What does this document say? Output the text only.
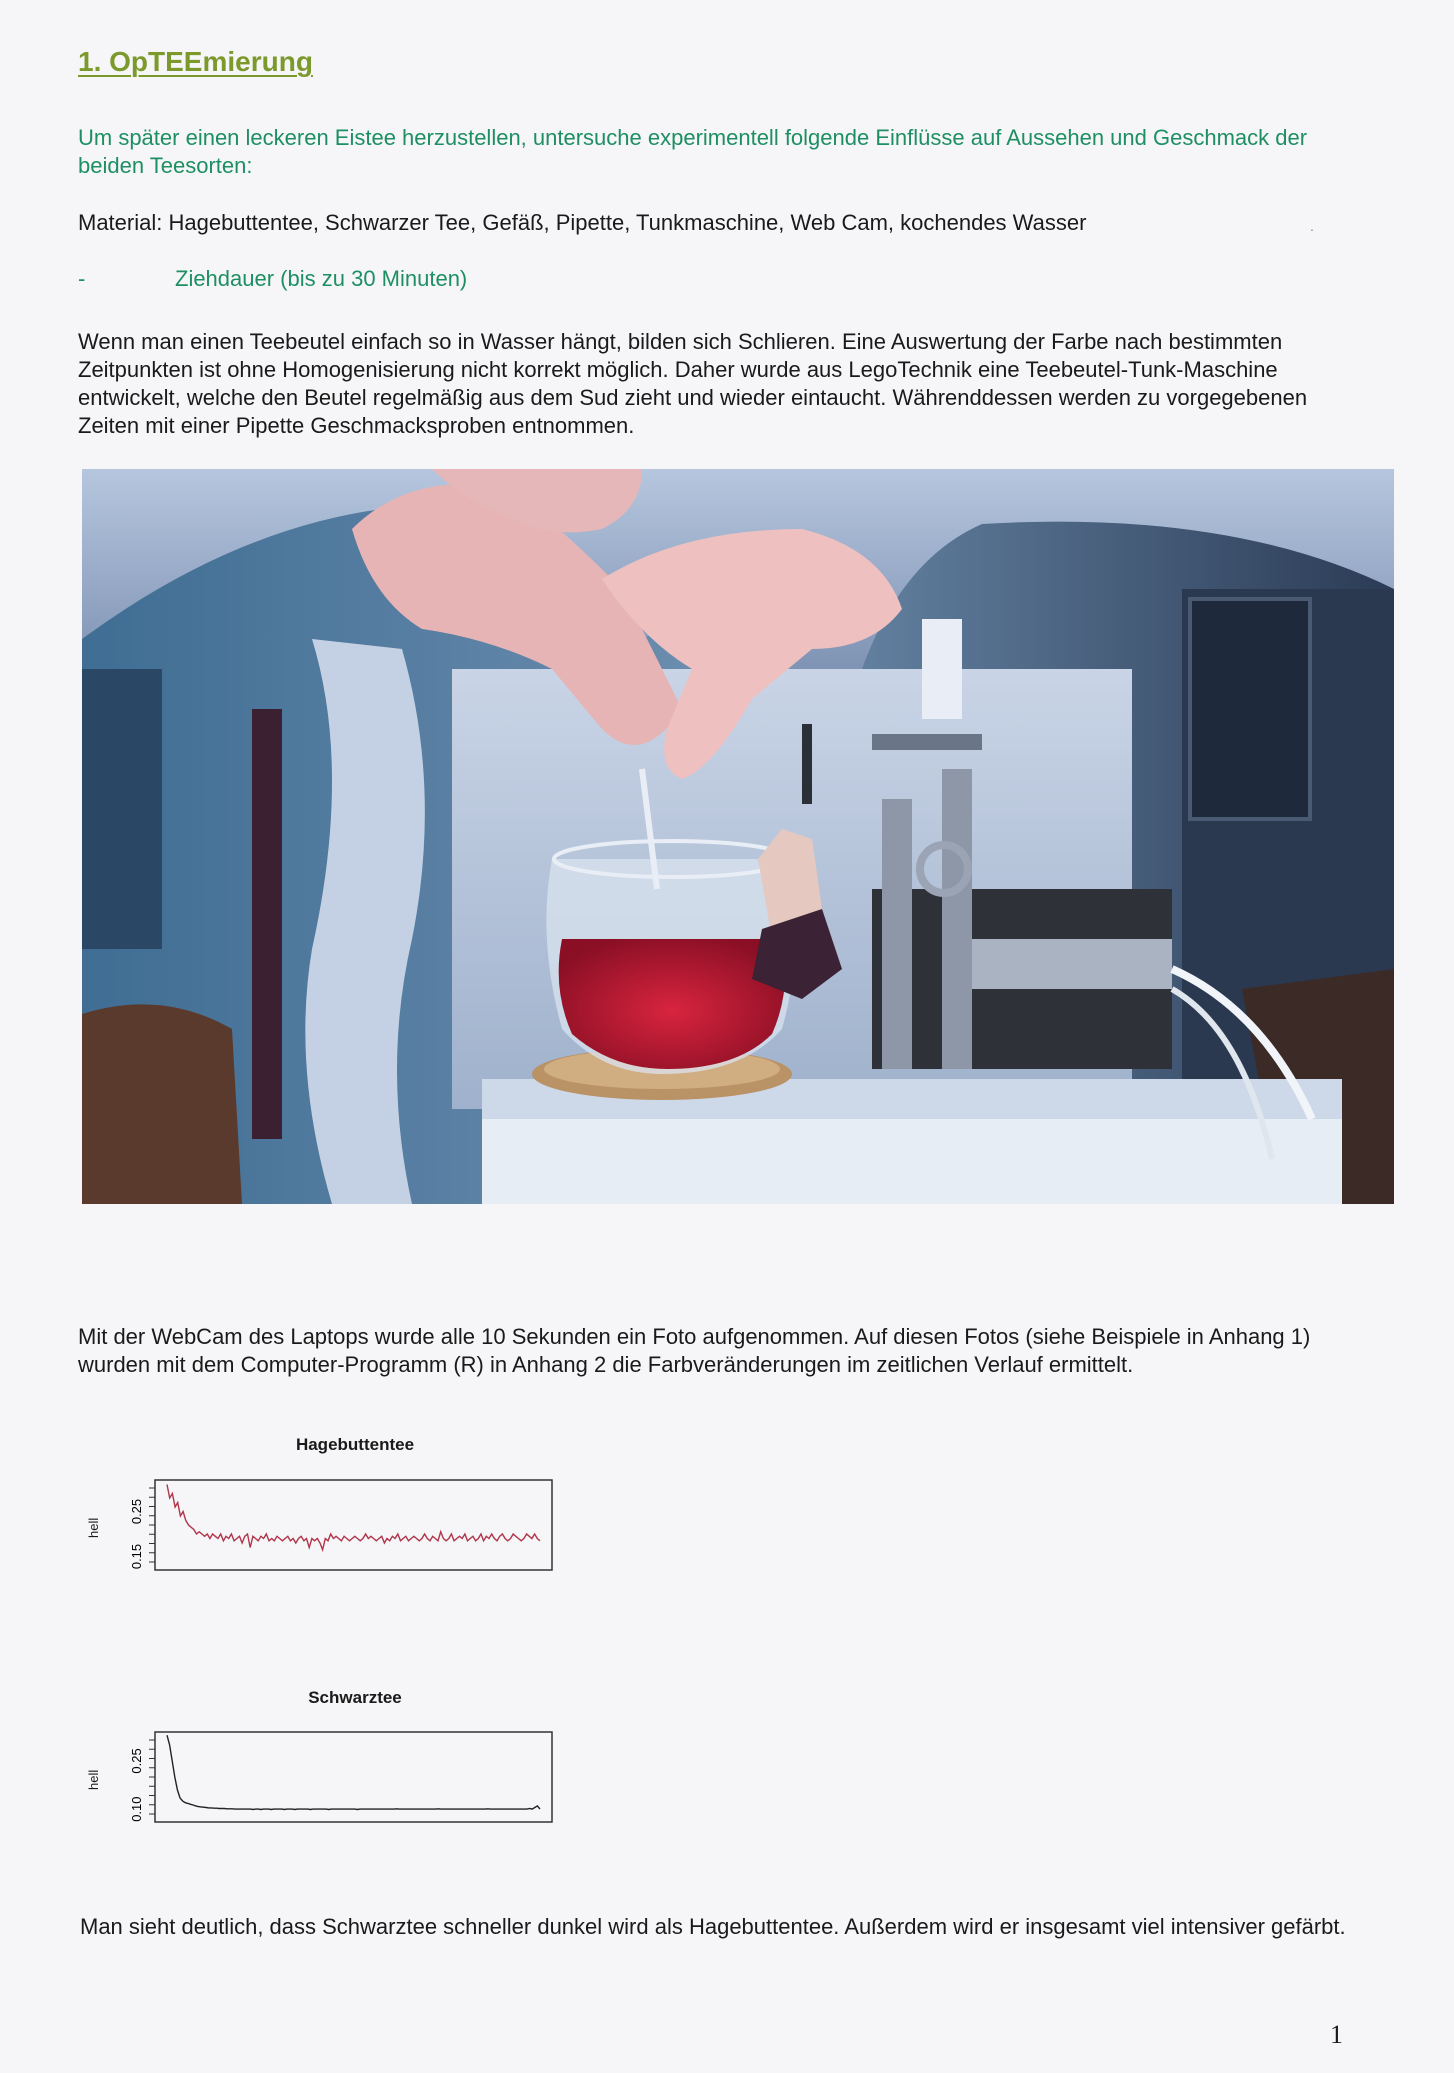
1. OpTEEmierung
Um später einen leckeren Eistee herzustellen, untersuche experimentell folgende Einflüsse auf Aussehen und Geschmack der beiden Teesorten:
Material: Hagebuttentee, Schwarzer Tee, Gefäß, Pipette, Tunkmaschine, Web Cam, kochendes Wasser	.
-	Ziehdauer (bis zu 30 Minuten)
Wenn man einen Teebeutel einfach so in Wasser hängt, bilden sich Schlieren. Eine Auswertung der Farbe nach bestimmten Zeitpunkten ist ohne Homogenisierung nicht korrekt möglich. Daher wurde aus LegoTechnik eine Teebeutel-Tunk-Maschine entwickelt, welche den Beutel regelmäßig aus dem Sud zieht und wieder eintaucht. Währenddessen werden zu vorgegebenen Zeiten mit einer Pipette Geschmacksproben entnommen.
Mit der WebCam des Laptops wurde alle 10 Sekunden ein Foto aufgenommen. Auf diesen Fotos (siehe Beispiele in Anhang 1) wurden mit dem Computer-Programm (R) in Anhang 2 die Farbveränderungen im zeitlichen Verlauf ermittelt.
Hagebuttentee
hell
0.15
0.25
Schwarztee
hell
0.10
0.25
Man sieht deutlich, dass Schwarztee schneller dunkel wird als Hagebuttentee. Außerdem wird er insgesamt viel intensiver gefärbt.
1
